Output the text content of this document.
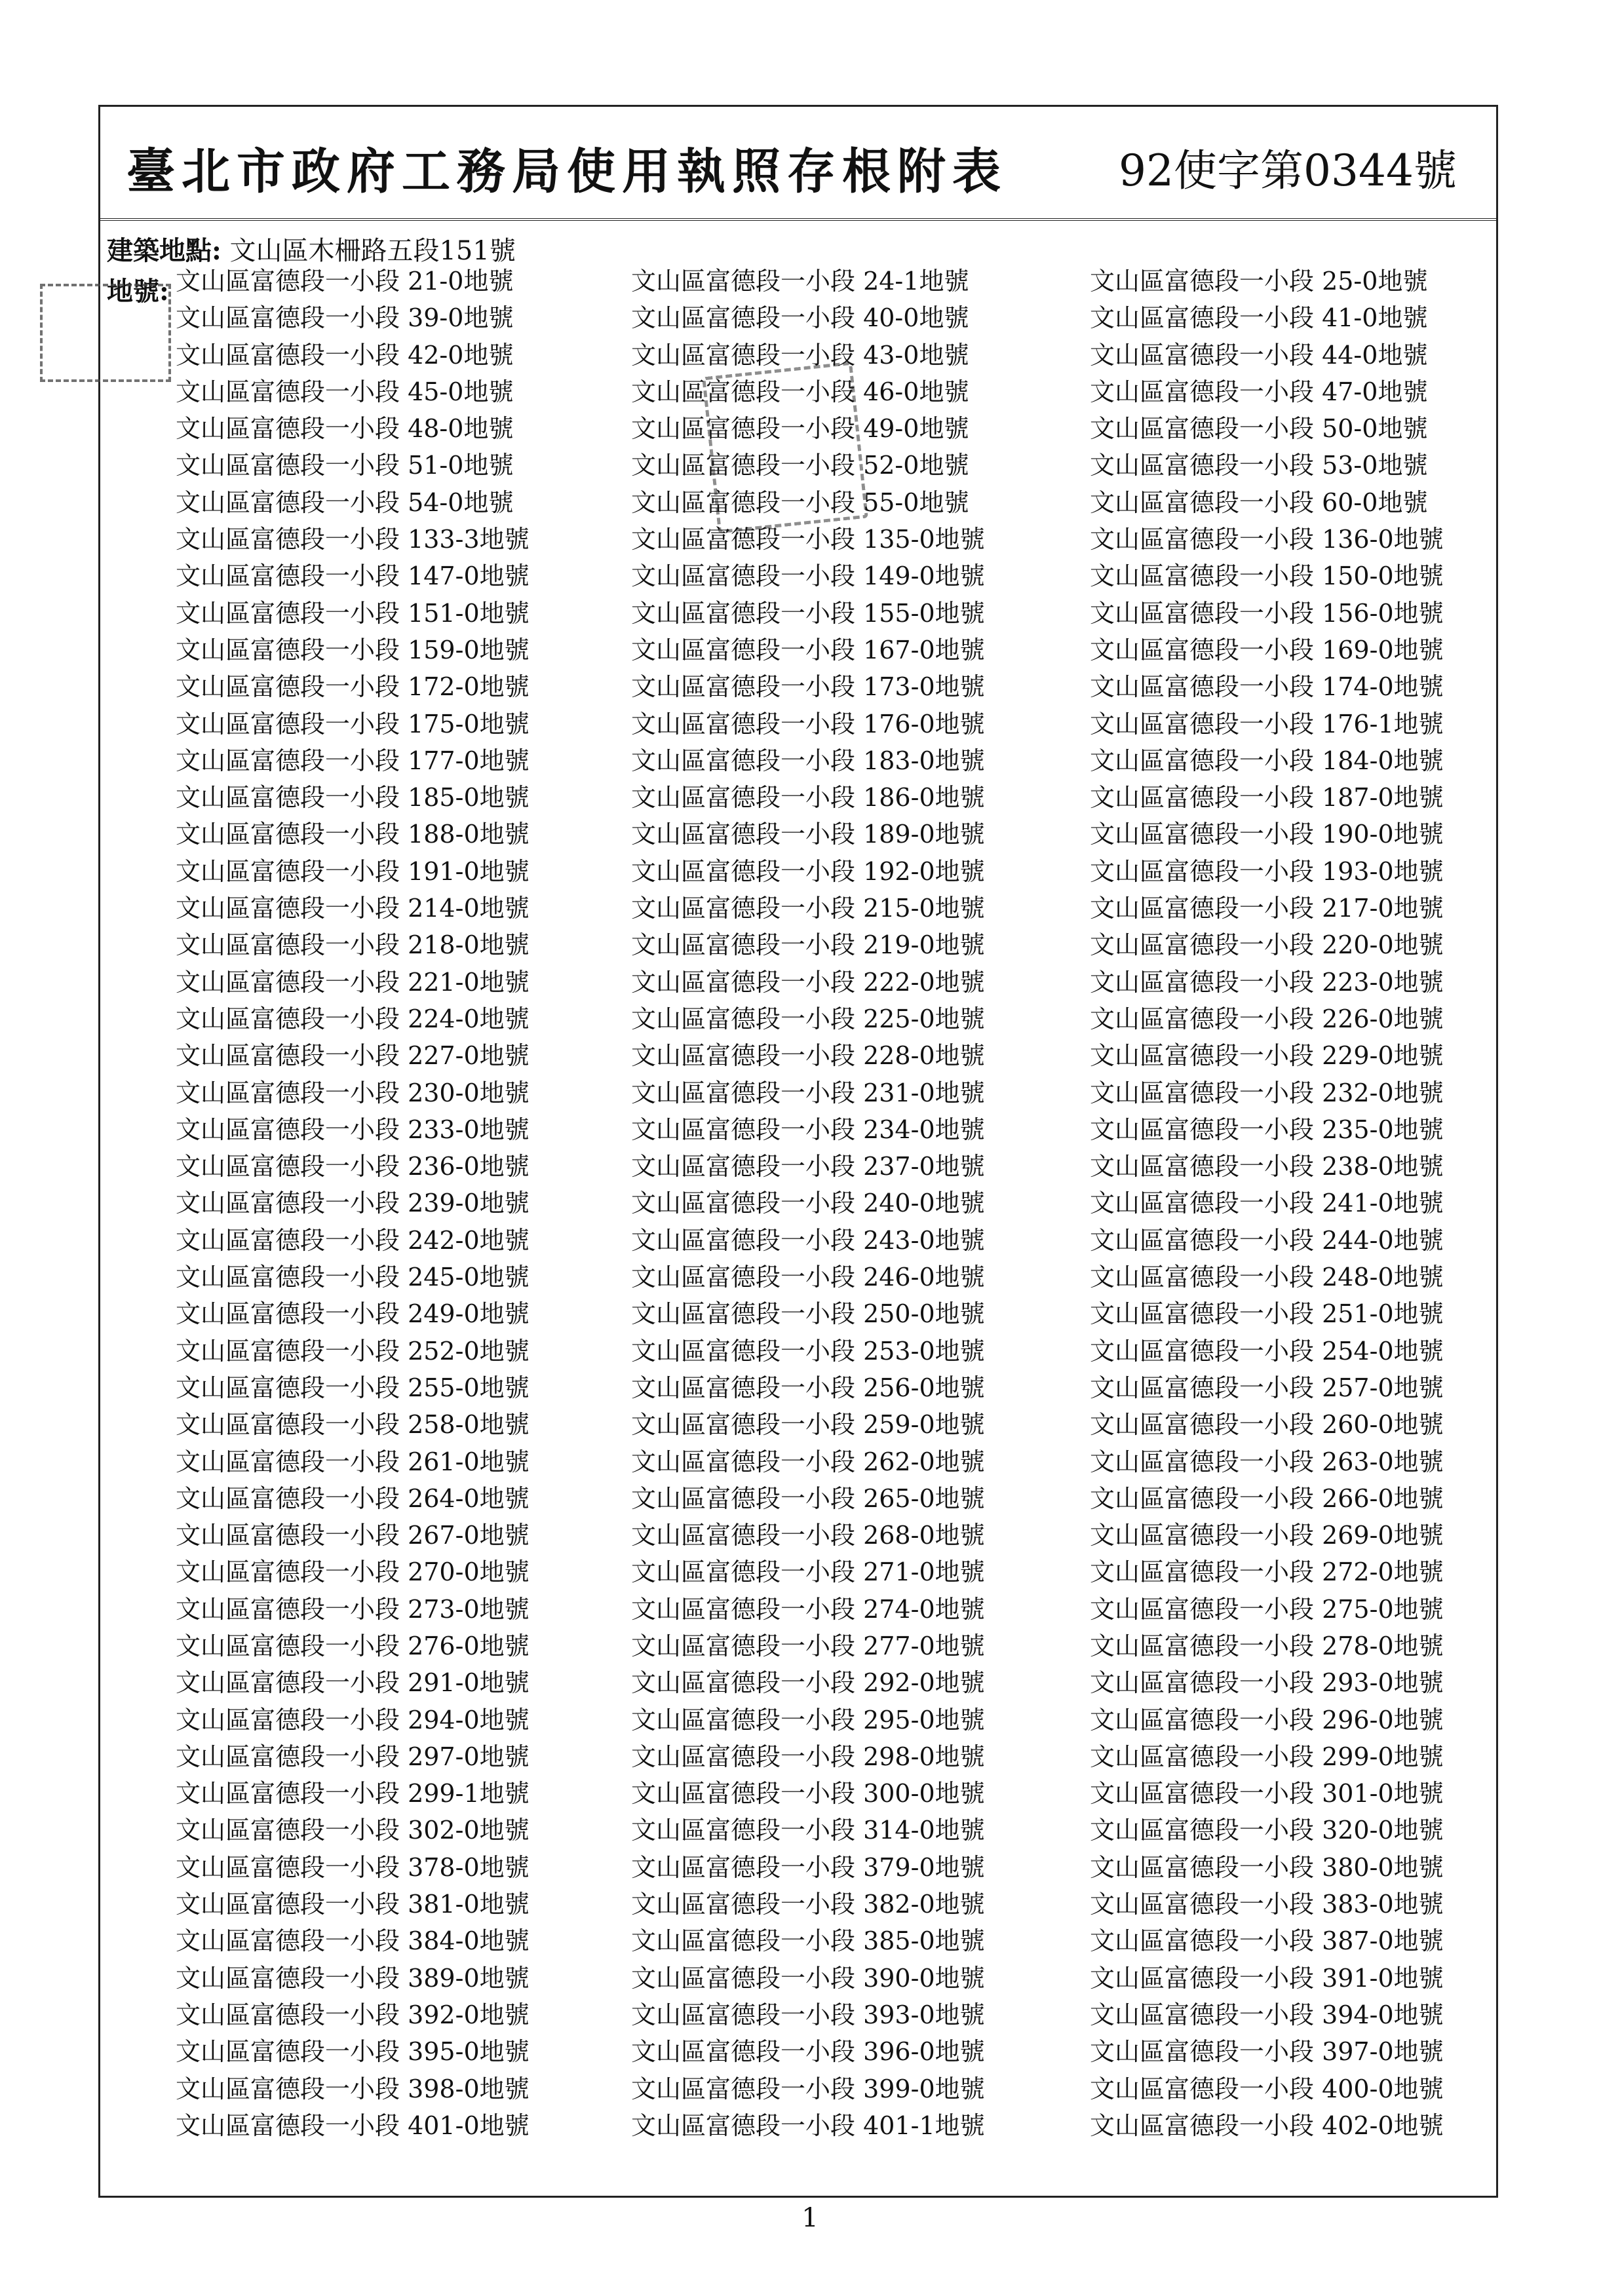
臺北市政府工務局使用執照存根附表	92使字第0344號
建築地點: 文山區木柵路五段151號
地號: 文山區富德段一小段 21-0地號
文山區富德段一小段 39-0地號
文山區富德段一小段 42-0地號
文山區富德段一小段 45-0地號
文山區富德段一小段 48-0地號
文山區富德段一小段 51-0地號
文山區富德段一小段 54-0地號
文山區富德段一小段 133-3地號
文山區富德段一小段 147-0地號
文山區富德段一小段 151-0地號
文山區富德段一小段 159-0地號
文山區富德段一小段 172-0地號
文山區富德段一小段 175-0地號
文山區富德段一小段 177-0地號
文山區富德段一小段 185-0地號
文山區富德段一小段 188-0地號
文山區富德段一小段 191-0地號
文山區富德段一小段 214-0地號
文山區富德段一小段 218-0地號
文山區富德段一小段 221-0地號
文山區富德段一小段 224-0地號
文山區富德段一小段 227-0地號
文山區富德段一小段 230-0地號
文山區富德段一小段 233-0地號
文山區富德段一小段 236-0地號
文山區富德段一小段 239-0地號
文山區富德段一小段 242-0地號
文山區富德段一小段 245-0地號
文山區富德段一小段 249-0地號
文山區富德段一小段 252-0地號
文山區富德段一小段 255-0地號
文山區富德段一小段 258-0地號
文山區富德段一小段 261-0地號
文山區富德段一小段 264-0地號
文山區富德段一小段 267-0地號
文山區富德段一小段 270-0地號
文山區富德段一小段 273-0地號
文山區富德段一小段 276-0地號
文山區富德段一小段 291-0地號
文山區富德段一小段 294-0地號
文山區富德段一小段 297-0地號
文山區富德段一小段 299-1地號
文山區富德段一小段 302-0地號
文山區富德段一小段 378-0地號
文山區富德段一小段 381-0地號
文山區富德段一小段 384-0地號
文山區富德段一小段 389-0地號
文山區富德段一小段 392-0地號
文山區富德段一小段 395-0地號
文山區富德段一小段 398-0地號
文山區富德段一小段 401-0地號
文山區富德段一小段 24-1地號
文山區富德段一小段 40-0地號
文山區富德段一小段 43-0地號
文山區富德段一小段 46-0地號
文山區富德段一小段 49-0地號
文山區富德段一小段 52-0地號
文山區富德段一小段 55-0地號
文山區富德段一小段 135-0地號
文山區富德段一小段 149-0地號
文山區富德段一小段 155-0地號
文山區富德段一小段 167-0地號
文山區富德段一小段 173-0地號
文山區富德段一小段 176-0地號
文山區富德段一小段 183-0地號
文山區富德段一小段 186-0地號
文山區富德段一小段 189-0地號
文山區富德段一小段 192-0地號
文山區富德段一小段 215-0地號
文山區富德段一小段 219-0地號
文山區富德段一小段 222-0地號
文山區富德段一小段 225-0地號
文山區富德段一小段 228-0地號
文山區富德段一小段 231-0地號
文山區富德段一小段 234-0地號
文山區富德段一小段 237-0地號
文山區富德段一小段 240-0地號
文山區富德段一小段 243-0地號
文山區富德段一小段 246-0地號
文山區富德段一小段 250-0地號
文山區富德段一小段 253-0地號
文山區富德段一小段 256-0地號
文山區富德段一小段 259-0地號
文山區富德段一小段 262-0地號
文山區富德段一小段 265-0地號
文山區富德段一小段 268-0地號
文山區富德段一小段 271-0地號
文山區富德段一小段 274-0地號
文山區富德段一小段 277-0地號
文山區富德段一小段 292-0地號
文山區富德段一小段 295-0地號
文山區富德段一小段 298-0地號
文山區富德段一小段 300-0地號
文山區富德段一小段 314-0地號
文山區富德段一小段 379-0地號
文山區富德段一小段 382-0地號
文山區富德段一小段 385-0地號
文山區富德段一小段 390-0地號
文山區富德段一小段 393-0地號
文山區富德段一小段 396-0地號
文山區富德段一小段 399-0地號
文山區富德段一小段 401-1地號
文山區富德段一小段 25-0地號
文山區富德段一小段 41-0地號
文山區富德段一小段 44-0地號
文山區富德段一小段 47-0地號
文山區富德段一小段 50-0地號
文山區富德段一小段 53-0地號
文山區富德段一小段 60-0地號
文山區富德段一小段 136-0地號
文山區富德段一小段 150-0地號
文山區富德段一小段 156-0地號
文山區富德段一小段 169-0地號
文山區富德段一小段 174-0地號
文山區富德段一小段 176-1地號
文山區富德段一小段 184-0地號
文山區富德段一小段 187-0地號
文山區富德段一小段 190-0地號
文山區富德段一小段 193-0地號
文山區富德段一小段 217-0地號
文山區富德段一小段 220-0地號
文山區富德段一小段 223-0地號
文山區富德段一小段 226-0地號
文山區富德段一小段 229-0地號
文山區富德段一小段 232-0地號
文山區富德段一小段 235-0地號
文山區富德段一小段 238-0地號
文山區富德段一小段 241-0地號
文山區富德段一小段 244-0地號
文山區富德段一小段 248-0地號
文山區富德段一小段 251-0地號
文山區富德段一小段 254-0地號
文山區富德段一小段 257-0地號
文山區富德段一小段 260-0地號
文山區富德段一小段 263-0地號
文山區富德段一小段 266-0地號
文山區富德段一小段 269-0地號
文山區富德段一小段 272-0地號
文山區富德段一小段 275-0地號
文山區富德段一小段 278-0地號
文山區富德段一小段 293-0地號
文山區富德段一小段 296-0地號
文山區富德段一小段 299-0地號
文山區富德段一小段 301-0地號
文山區富德段一小段 320-0地號
文山區富德段一小段 380-0地號
文山區富德段一小段 383-0地號
文山區富德段一小段 387-0地號
文山區富德段一小段 391-0地號
文山區富德段一小段 394-0地號
文山區富德段一小段 397-0地號
文山區富德段一小段 400-0地號
文山區富德段一小段 402-0地號
1
